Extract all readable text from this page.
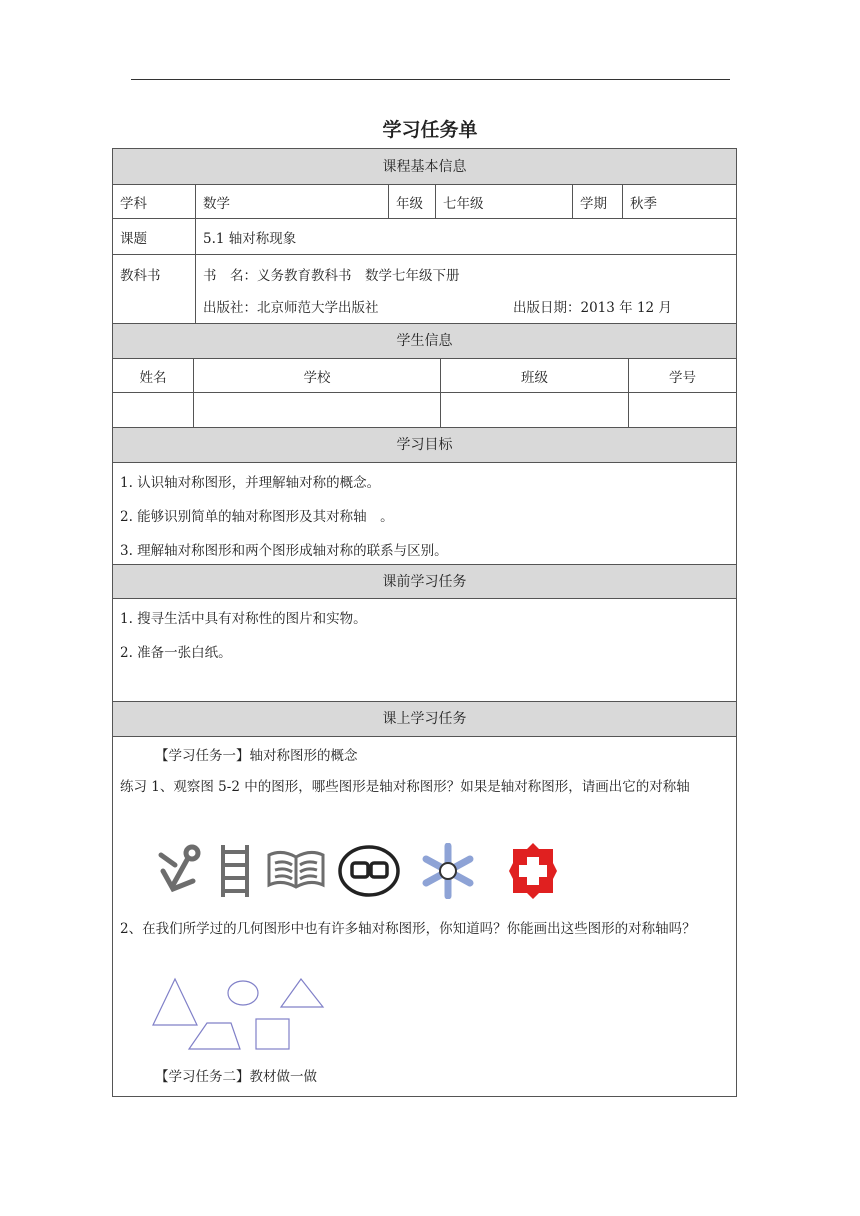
学习任务单
课程基本信息
学科	数学	年级	七年级	学期	秋季
课题	5.1 轴对称现象
教科书	书　名：义务教育教科书　数学七年级下册
出版社：北京师范大学出版社	出版日期：2013 年 12 月
学生信息
姓名	学校	班级	学号
学习目标
1. 认识轴对称图形，并理解轴对称的概念。
2. 能够识别简单的轴对称图形及其对称轴　。
3. 理解轴对称图形和两个图形成轴对称的联系与区别。
课前学习任务
1. 搜寻生活中具有对称性的图片和实物。
2. 准备一张白纸。
课上学习任务
【学习任务一】轴对称图形的概念
练习 1、观察图 5-2 中的图形，哪些图形是轴对称图形？如果是轴对称图形，请画出它的对称轴
2、在我们所学过的几何图形中也有许多轴对称图形，你知道吗？你能画出这些图形的对称轴吗？
【学习任务二】教材做一做
